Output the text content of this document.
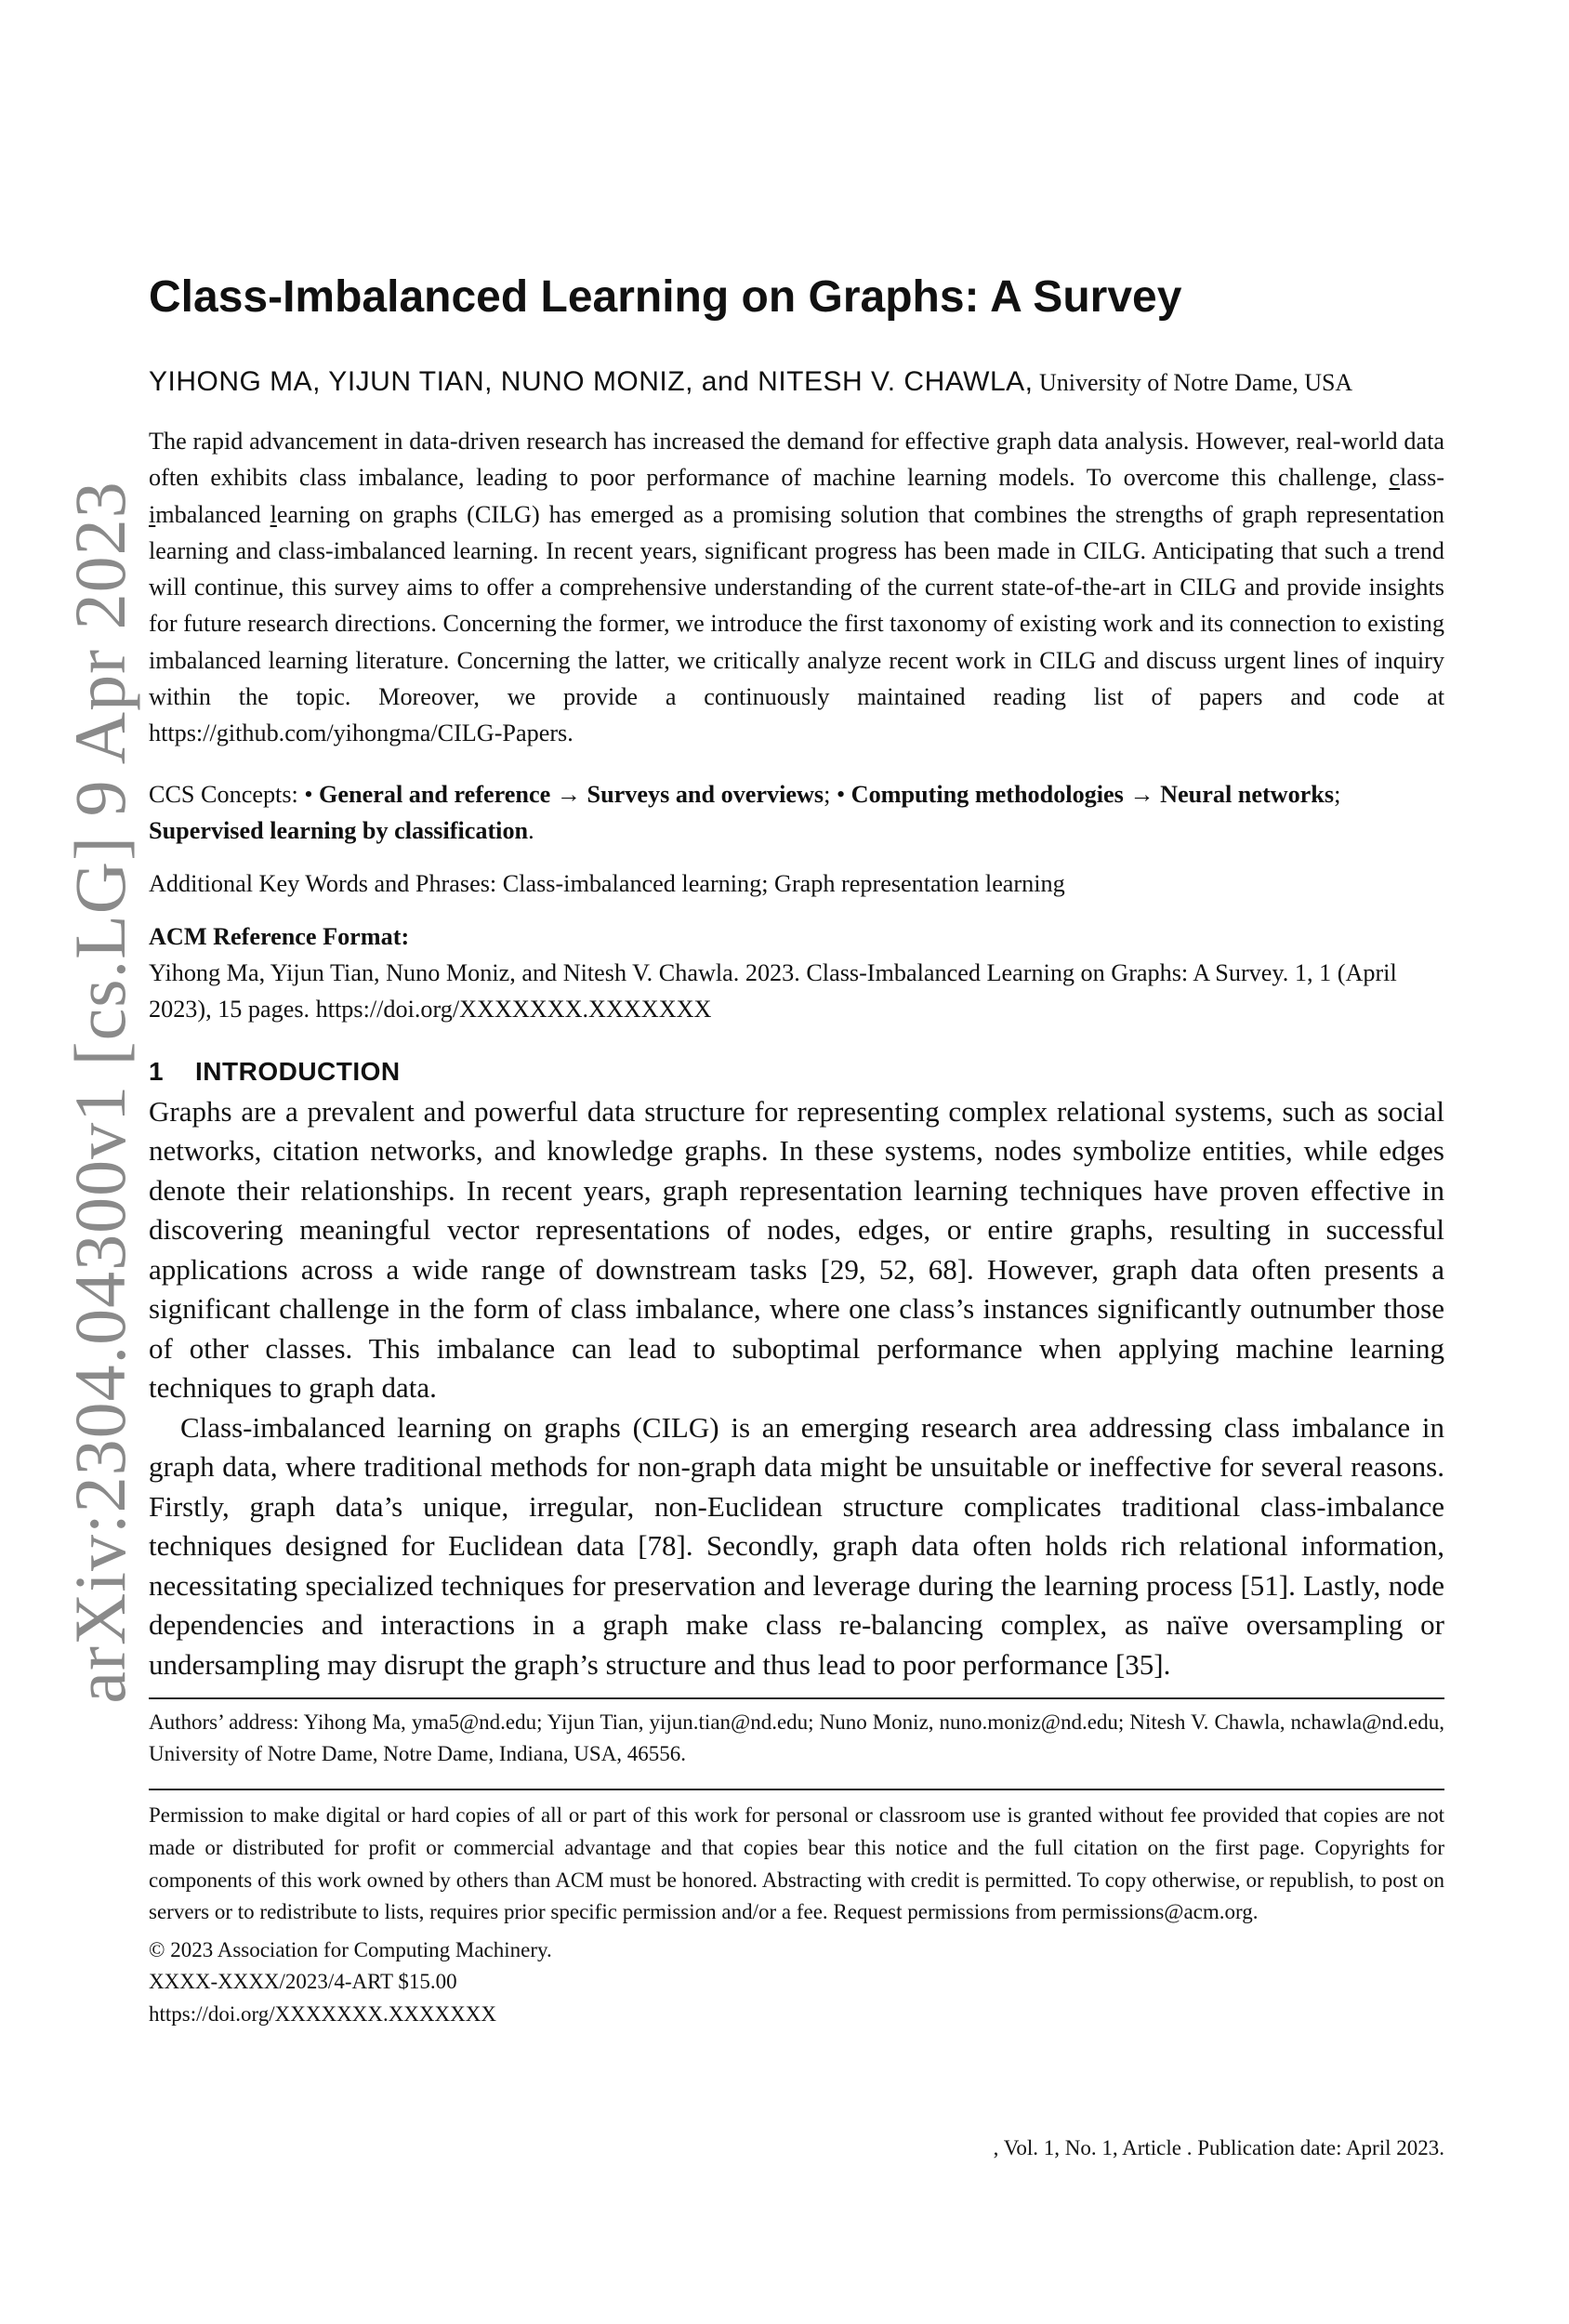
arXiv:2304.04300v1 [cs.LG] 9 Apr 2023
Class-Imbalanced Learning on Graphs: A Survey
YIHONG MA, YIJUN TIAN, NUNO MONIZ, and NITESH V. CHAWLA, University of Notre Dame, USA

The rapid advancement in data-driven research has increased the demand for effective graph data analysis. However, real-world data often exhibits class imbalance, leading to poor performance of machine learning models. To overcome this challenge, class-imbalanced learning on graphs (CILG) has emerged as a promising solution that combines the strengths of graph representation learning and class-imbalanced learning. In recent years, significant progress has been made in CILG. Anticipating that such a trend will continue, this survey aims to offer a comprehensive understanding of the current state-of-the-art in CILG and provide insights for future research directions. Concerning the former, we introduce the first taxonomy of existing work and its connection to existing imbalanced learning literature. Concerning the latter, we critically analyze recent work in CILG and discuss urgent lines of inquiry within the topic. Moreover, we provide a continuously maintained reading list of papers and code at https://github.com/yihongma/CILG-Papers.

CCS Concepts: • General and reference → Surveys and overviews; • Computing methodologies → Neural networks; Supervised learning by classification.
Additional Key Words and Phrases: Class-imbalanced learning; Graph representation learning
ACM Reference Format:
Yihong Ma, Yijun Tian, Nuno Moniz, and Nitesh V. Chawla. 2023. Class-Imbalanced Learning on Graphs: A Survey. 1, 1 (April 2023), 15 pages. https://doi.org/XXXXXXX.XXXXXXX
1 INTRODUCTION

Graphs are a prevalent and powerful data structure for representing complex relational systems, such as social networks, citation networks, and knowledge graphs. In these systems, nodes symbolize entities, while edges denote their relationships. In recent years, graph representation learning techniques have proven effective in discovering meaningful vector representations of nodes, edges, or entire graphs, resulting in successful applications across a wide range of downstream tasks [29, 52, 68]. However, graph data often presents a significant challenge in the form of class imbalance, where one class’s instances significantly outnumber those of other classes. This imbalance can lead to suboptimal performance when applying machine learning techniques to graph data.

Class-imbalanced learning on graphs (CILG) is an emerging research area addressing class imbalance in graph data, where traditional methods for non-graph data might be unsuitable or ineffective for several reasons. Firstly, graph data’s unique, irregular, non-Euclidean structure complicates traditional class-imbalance techniques designed for Euclidean data [78]. Secondly, graph data often holds rich relational information, necessitating specialized techniques for preservation and leverage during the learning process [51]. Lastly, node dependencies and interactions in a graph make class re-balancing complex, as naïve oversampling or undersampling may disrupt the graph’s structure and thus lead to poor performance [35].

Authors’ address: Yihong Ma, yma5@nd.edu; Yijun Tian, yijun.tian@nd.edu; Nuno Moniz, nuno.moniz@nd.edu; Nitesh V. Chawla, nchawla@nd.edu, University of Notre Dame, Notre Dame, Indiana, USA, 46556.
Permission to make digital or hard copies of all or part of this work for personal or classroom use is granted without fee provided that copies are not made or distributed for profit or commercial advantage and that copies bear this notice and the full citation on the first page. Copyrights for components of this work owned by others than ACM must be honored. Abstracting with credit is permitted. To copy otherwise, or republish, to post on servers or to redistribute to lists, requires prior specific permission and/or a fee. Request permissions from permissions@acm.org.
© 2023 Association for Computing Machinery.
XXXX-XXXX/2023/4-ART $15.00
https://doi.org/XXXXXXX.XXXXXXX
, Vol. 1, No. 1, Article . Publication date: April 2023.
